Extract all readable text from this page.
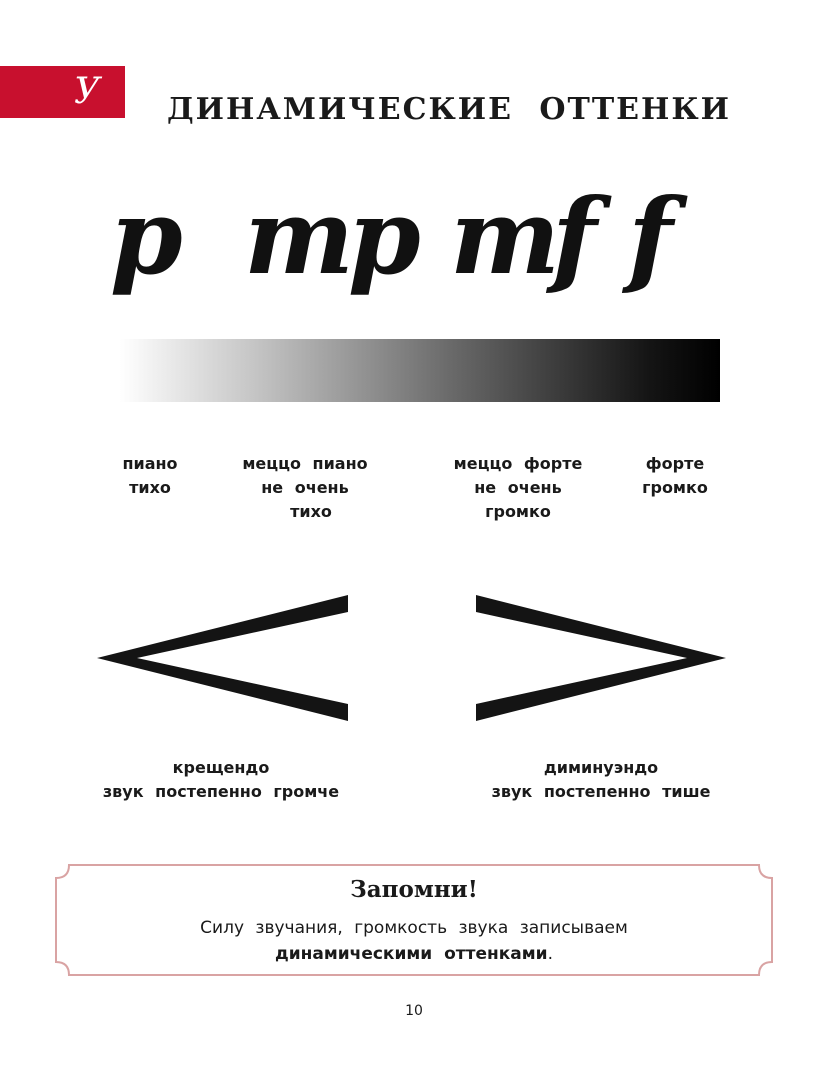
У	ДИНАМИЧЕСКИЕ ОТТЕНКИ
p mp mf f
пиано
тихо
меццо пиано
не очень
тихо
меццо форте
не очень
громко
форте
громко
крещендо
звук постепенно громче
диминуэндо
звук постепенно тише
Запомни!
Силу звучания, громкость звука записываем
динамическими оттенками.
10
